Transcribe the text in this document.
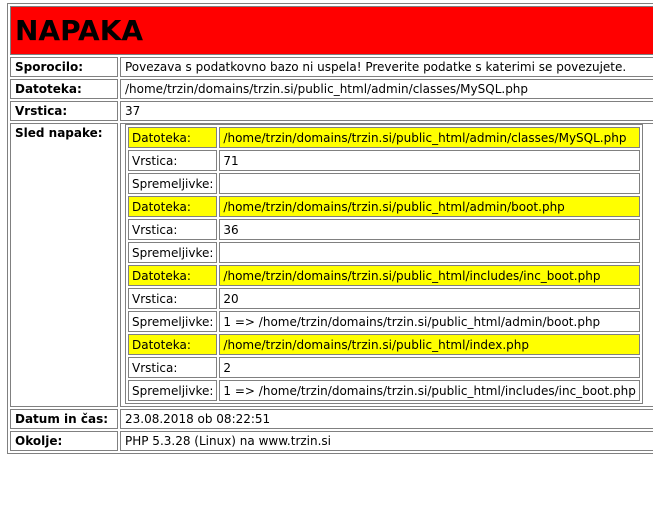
NAPAKA
Sporocilo:	Povezava s podatkovno bazo ni uspela! Preverite podatke s katerimi se povezujete.
Datoteka:	/home/trzin/domains/trzin.si/public_html/admin/classes/MySQL.php
Vrstica:	37
Sled napake:	Datoteka:	/home/trzin/domains/trzin.si/public_html/admin/classes/MySQL.php
Vrstica:	71
Spremeljivke:	
Datoteka:	/home/trzin/domains/trzin.si/public_html/admin/boot.php
Vrstica:	36
Spremeljivke:	
Datoteka:	/home/trzin/domains/trzin.si/public_html/includes/inc_boot.php
Vrstica:	20
Spremeljivke:	1 => /home/trzin/domains/trzin.si/public_html/admin/boot.php
Datoteka:	/home/trzin/domains/trzin.si/public_html/index.php
Vrstica:	2
Spremeljivke:	1 => /home/trzin/domains/trzin.si/public_html/includes/inc_boot.php

Datum in čas:	23.08.2018 ob 08:22:51
Okolje:	PHP 5.3.28 (Linux) na www.trzin.si
